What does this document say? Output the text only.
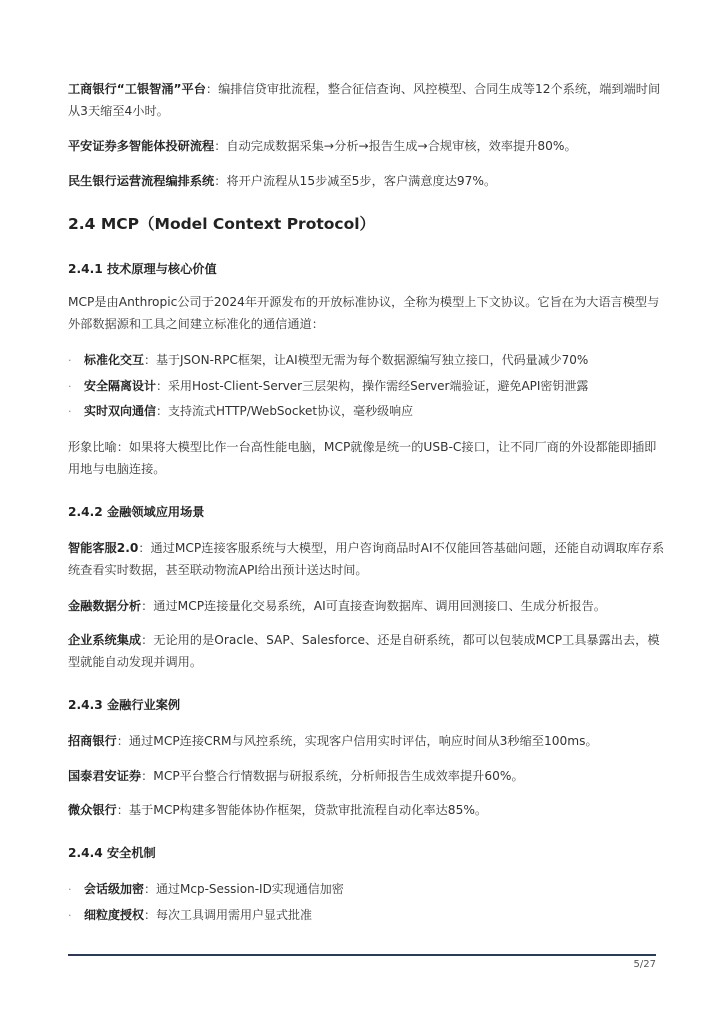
工商银行“工银智涌”平台：编排信贷审批流程，整合征信查询、风控模型、合同生成等12个系统，端到端时间从3天缩至4小时。

平安证券多智能体投研流程：自动完成数据采集→分析→报告生成→合规审核，效率提升80%。

民生银行运营流程编排系统：将开户流程从15步减至5步，客户满意度达97%。

2.4 MCP（Model Context Protocol）
2.4.1 技术原理与核心价值

MCP是由Anthropic公司于2024年开源发布的开放标准协议，全称为模型上下文协议。它旨在为大语言模型与外部数据源和工具之间建立标准化的通信通道：

· 标准化交互：基于JSON-RPC框架，让AI模型无需为每个数据源编写独立接口，代码量减少70%
· 安全隔离设计：采用Host-Client-Server三层架构，操作需经Server端验证，避免API密钥泄露
· 实时双向通信：支持流式HTTP/WebSocket协议，毫秒级响应

形象比喻：如果将大模型比作一台高性能电脑，MCP就像是统一的USB-C接口，让不同厂商的外设都能即插即用地与电脑连接。

2.4.2 金融领域应用场景

智能客服2.0：通过MCP连接客服系统与大模型，用户咨询商品时AI不仅能回答基础问题，还能自动调取库存系统查看实时数据，甚至联动物流API给出预计送达时间。

金融数据分析：通过MCP连接量化交易系统，AI可直接查询数据库、调用回测接口、生成分析报告。

企业系统集成：无论用的是Oracle、SAP、Salesforce、还是自研系统，都可以包装成MCP工具暴露出去，模型就能自动发现并调用。

2.4.3 金融行业案例

招商银行：通过MCP连接CRM与风控系统，实现客户信用实时评估，响应时间从3秒缩至100ms。

国泰君安证券：MCP平台整合行情数据与研报系统，分析师报告生成效率提升60%。

微众银行：基于MCP构建多智能体协作框架，贷款审批流程自动化率达85%。

2.4.4 安全机制
· 会话级加密：通过Mcp-Session-ID实现通信加密
· 细粒度授权：每次工具调用需用户显式批准
5/27
